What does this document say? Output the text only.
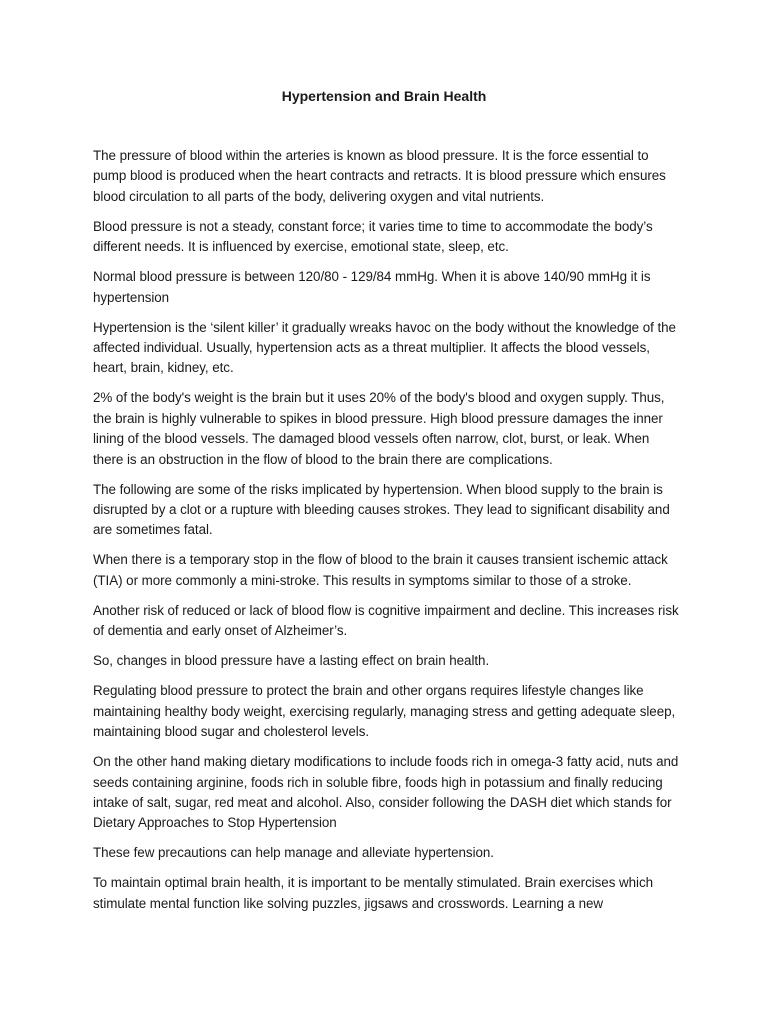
Hypertension and Brain Health

The pressure of blood within the arteries is known as blood pressure. It is the force essential to pump blood is produced when the heart contracts and retracts. It is blood pressure which ensures blood circulation to all parts of the body, delivering oxygen and vital nutrients.

Blood pressure is not a steady, constant force; it varies time to time to accommodate the body’s different needs. It is influenced by exercise, emotional state, sleep, etc.

Normal blood pressure is between 120/80 - 129/84 mmHg. When it is above 140/90 mmHg it is hypertension

Hypertension is the ‘silent killer’ it gradually wreaks havoc on the body without the knowledge of the affected individual. Usually, hypertension acts as a threat multiplier. It affects the blood vessels, heart, brain, kidney, etc.

2% of the body's weight is the brain but it uses 20% of the body's blood and oxygen supply. Thus, the brain is highly vulnerable to spikes in blood pressure. High blood pressure damages the inner lining of the blood vessels. The damaged blood vessels often narrow, clot, burst, or leak. When there is an obstruction in the flow of blood to the brain there are complications.

The following are some of the risks implicated by hypertension. When blood supply to the brain is disrupted by a clot or a rupture with bleeding causes strokes. They lead to significant disability and are sometimes fatal.

When there is a temporary stop in the flow of blood to the brain it causes transient ischemic attack (TIA) or more commonly a mini-stroke. This results in symptoms similar to those of a stroke.

Another risk of reduced or lack of blood flow is cognitive impairment and decline. This increases risk of dementia and early onset of Alzheimer’s.

So, changes in blood pressure have a lasting effect on brain health.

Regulating blood pressure to protect the brain and other organs requires lifestyle changes like maintaining healthy body weight, exercising regularly, managing stress and getting adequate sleep, maintaining blood sugar and cholesterol levels.

On the other hand making dietary modifications to include foods rich in omega-3 fatty acid, nuts and seeds containing arginine, foods rich in soluble fibre, foods high in potassium and finally reducing intake of salt, sugar, red meat and alcohol. Also, consider following the DASH diet which stands for Dietary Approaches to Stop Hypertension

These few precautions can help manage and alleviate hypertension.

To maintain optimal brain health, it is important to be mentally stimulated. Brain exercises which stimulate mental function like solving puzzles, jigsaws and crosswords. Learning a new
